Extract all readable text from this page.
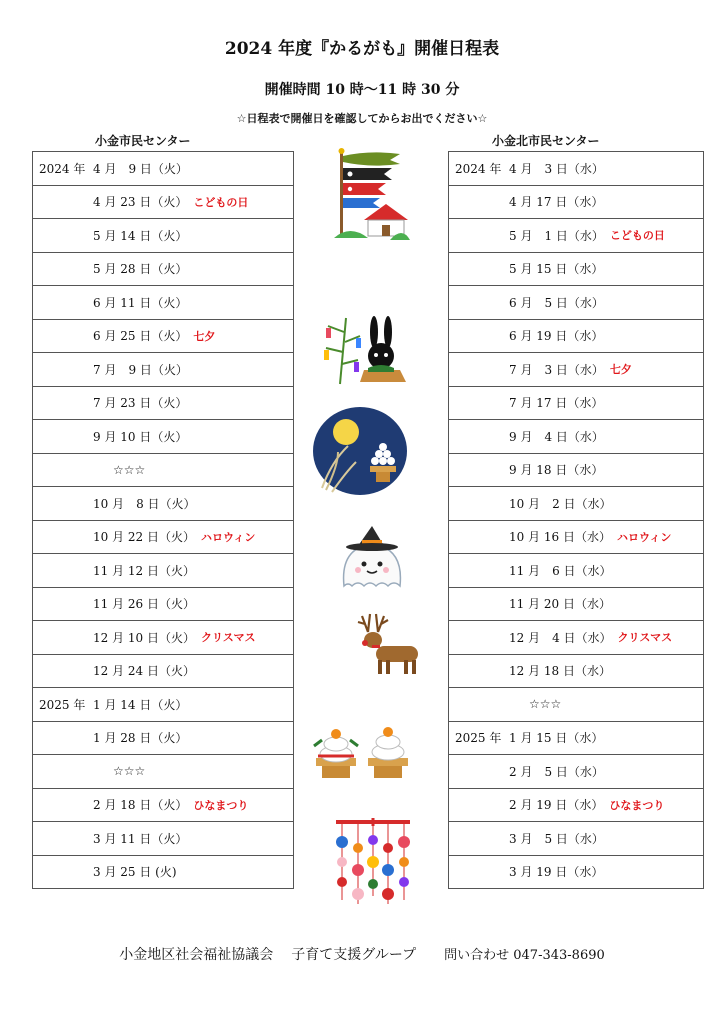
2024 年度『かるがも』開催日程表
開催時間 10 時～11 時 30 分
☆日程表で開催日を確認してからお出でください☆
小金市民センター	小金北市民センター
2024 年 4 月　9 日（火）

4 月 23 日（火） こどもの日

5 月 14 日（火）

5 月 28 日（火）

6 月 11 日（火）

6 月 25 日（火） 七夕

7 月　9 日（火）

7 月 23 日（火）

9 月 10 日（火）

☆☆☆

10 月　8 日（火）

10 月 22 日（火） ハロウィン

11 月 12 日（火）

11 月 26 日（火）

12 月 10 日（火） クリスマス

12 月 24 日（火）

2025 年 1 月 14 日（火）

1 月 28 日（火）

☆☆☆

2 月 18 日（火） ひなまつり

3 月 11 日（火）

3 月 25 日 (火)
2024 年 4 月　3 日（水）

4 月 17 日（水）

5 月　1 日（水） こどもの日

5 月 15 日（水）

6 月　5 日（水）

6 月 19 日（水）

7 月　3 日（水） 七夕

7 月 17 日（水）

9 月　4 日（水）

9 月 18 日（水）

10 月　2 日（水）

10 月 16 日（水） ハロウィン

11 月　6 日（水）

11 月 20 日（水）

12 月　4 日（水） クリスマス

12 月 18 日（水）

☆☆☆

2025 年 1 月 15 日（水）

2 月　5 日（水）

2 月 19 日（水） ひなまつり

3 月　5 日（水）

3 月 19 日（水）
小金地区社会福祉協議会 子育て支援グループ 問い合わせ 047-343-8690
